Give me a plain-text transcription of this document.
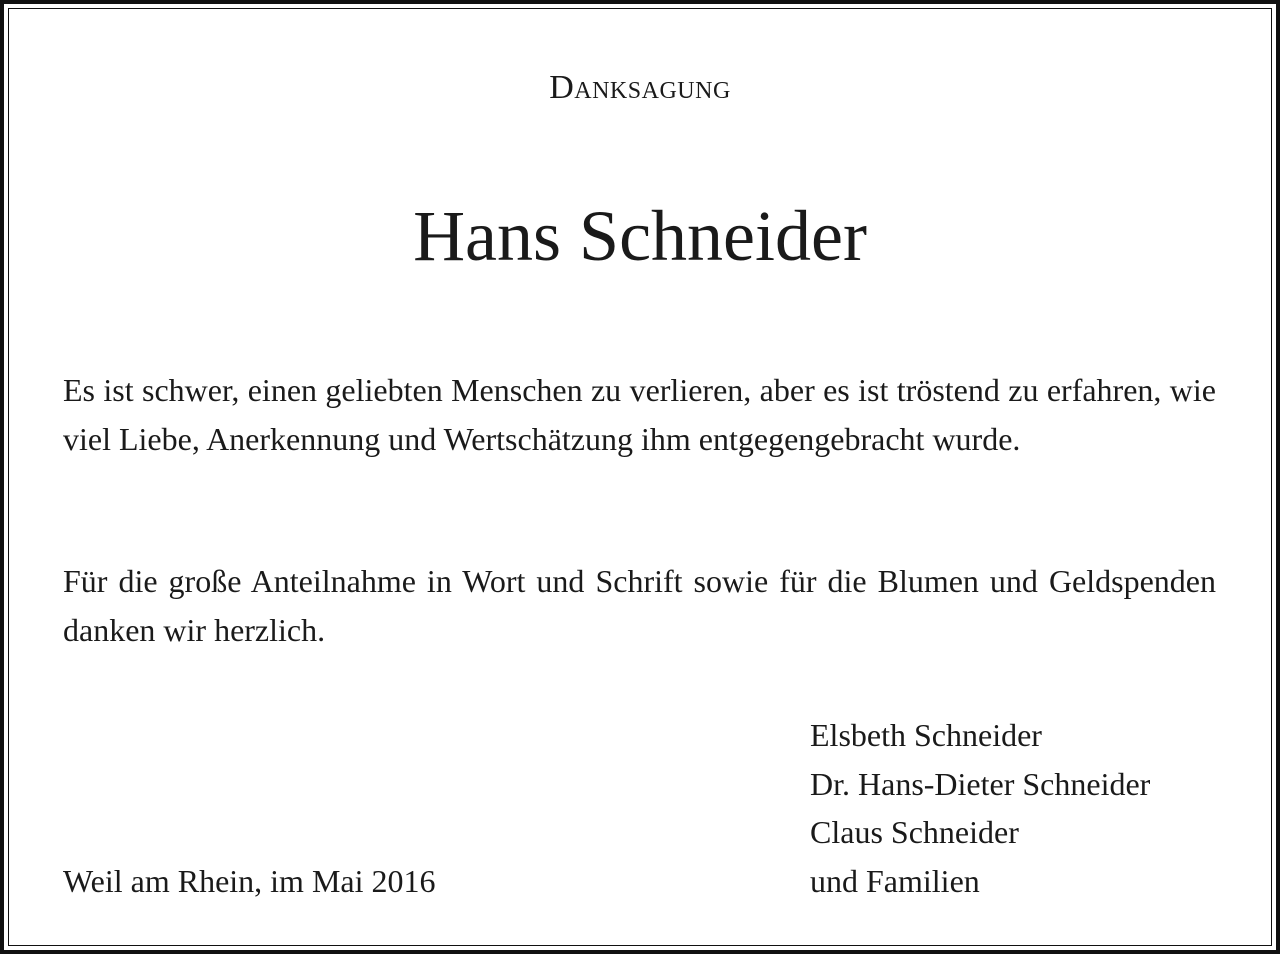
Danksagung
Hans Schneider
Es ist schwer, einen geliebten Menschen zu verlieren, aber es ist tröstend zu erfahren, wie viel Liebe, Anerkennung und Wertschätzung ihm entgegengebracht wurde.
Für die große Anteilnahme in Wort und Schrift sowie für die Blumen und Geldspenden danken wir herzlich.
Weil am Rhein, im Mai 2016
Elsbeth Schneider
Dr. Hans-Dieter Schneider
Claus Schneider
und Familien
